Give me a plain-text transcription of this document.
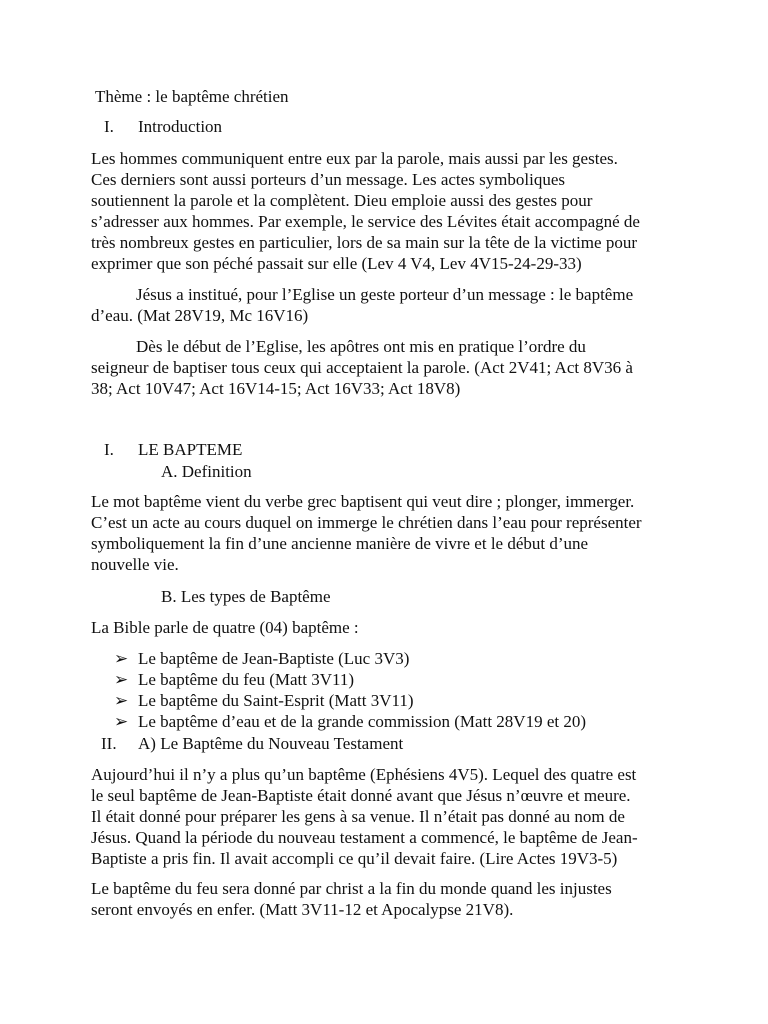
Thème : le baptême chrétien
I. Introduction

Les hommes communiquent entre eux par la parole, mais aussi par les gestes.

Ces derniers sont aussi porteurs d’un message. Les actes symboliques

soutiennent la parole et la complètent. Dieu emploie aussi des gestes pour

s’adresser aux hommes. Par exemple, le service des Lévites était accompagné de

très nombreux gestes en particulier, lors de sa main sur la tête de la victime pour

exprimer que son péché passait sur elle (Lev 4 V4, Lev 4V15-24-29-33)

Jésus a institué, pour l’Eglise un geste porteur d’un message : le baptême

d’eau. (Mat 28V19, Mc 16V16)

Dès le début de l’Eglise, les apôtres ont mis en pratique l’ordre du

seigneur de baptiser tous ceux qui acceptaient la parole. (Act 2V41; Act 8V36 à

38; Act 10V47; Act 16V14-15; Act 16V33; Act 18V8)

I. LE BAPTEME
A. Definition

Le mot baptême vient du verbe grec baptisent qui veut dire ; plonger, immerger.

C’est un acte au cours duquel on immerge le chrétien dans l’eau pour représenter

symboliquement la fin d’une ancienne manière de vivre et le début d’une

nouvelle vie.

B. Les types de Baptême
La Bible parle de quatre (04) baptême :
➢ Le baptême de Jean-Baptiste (Luc 3V3)
➢ Le baptême du feu (Matt 3V11)
➢ Le baptême du Saint-Esprit (Matt 3V11)
➢ Le baptême d’eau et de la grande commission (Matt 28V19 et 20)
II. A) Le Baptême du Nouveau Testament

Aujourd’hui il n’y a plus qu’un baptême (Ephésiens 4V5). Lequel des quatre est

le seul baptême de Jean-Baptiste était donné avant que Jésus n’œuvre et meure.

Il était donné pour préparer les gens à sa venue. Il n’était pas donné au nom de

Jésus. Quand la période du nouveau testament a commencé, le baptême de Jean-

Baptiste a pris fin. Il avait accompli ce qu’il devait faire. (Lire Actes 19V3-5)

Le baptême du feu sera donné par christ a la fin du monde quand les injustes

seront envoyés en enfer. (Matt 3V11-12 et Apocalypse 21V8).
